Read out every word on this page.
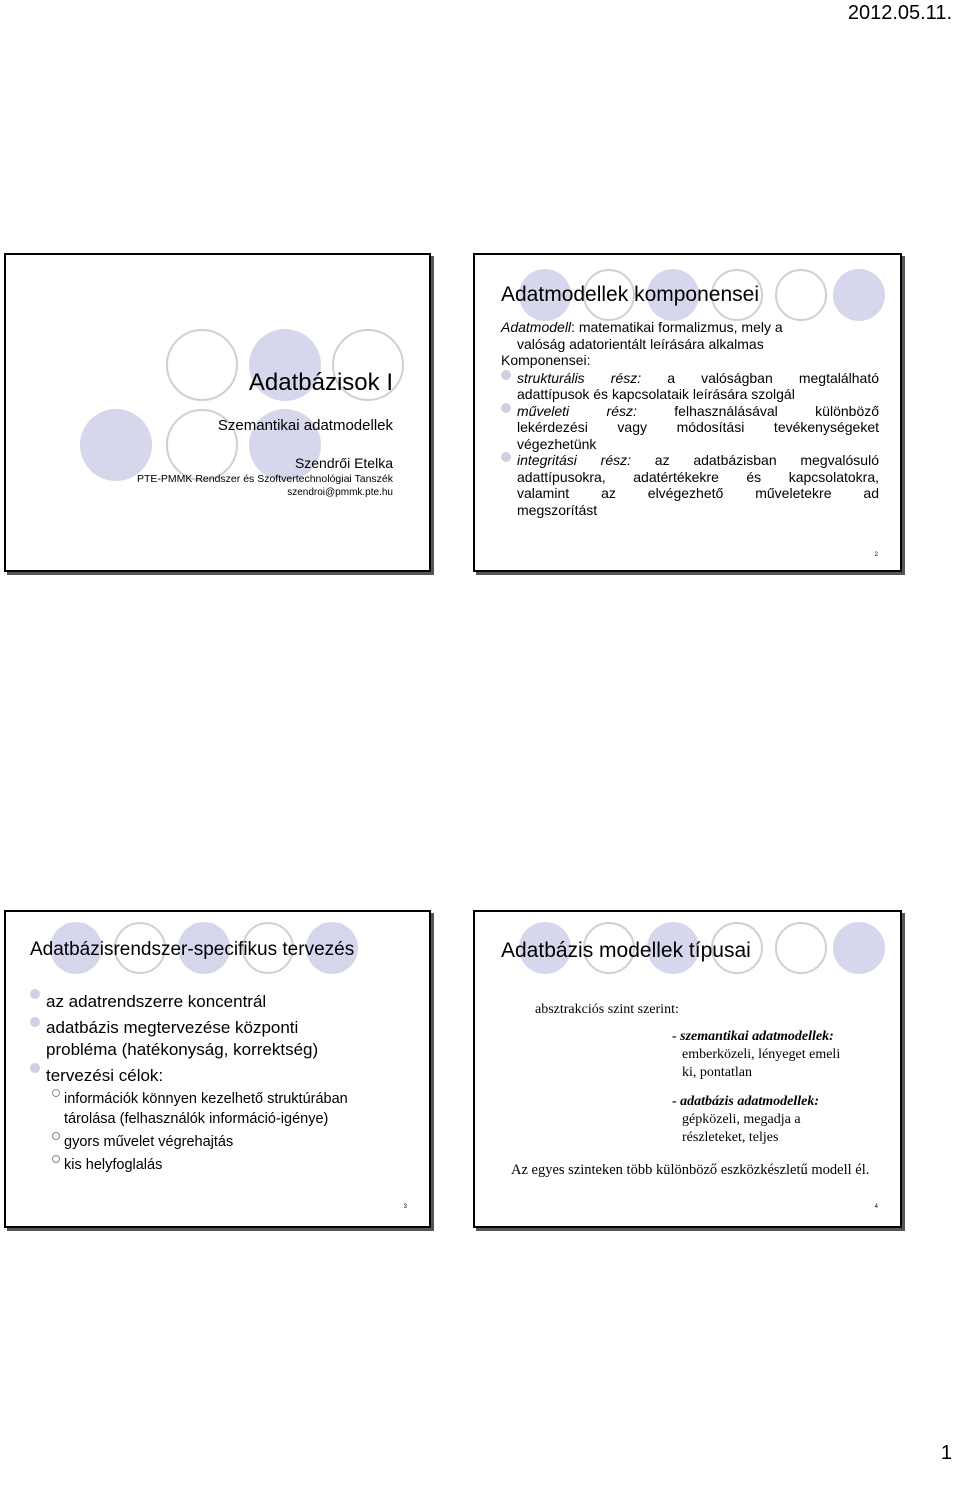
2012.05.11.
Adatbázisok I
Szemantikai adatmodellek
Szendrői Etelka
PTE-PMMK Rendszer és Szoftvertechnológiai Tanszék
szendroi@pmmk.pte.hu
Adatmodellek komponensei
Adatmodell: matematikai formalizmus, mely a
valóság adatorientált leírására alkalmas
Komponensei:
strukturális rész: a valóságban megtalálható
adattípusok és kapcsolataik leírására szolgál
műveleti rész:	felhasználásával különböző
lekérdezési vagy módosítási tevékenységeket
végezhetünk
integritási rész: az adatbázisban megvalósuló
adattípusokra, adatértékekre és kapcsolatokra,
valamint az elvégezhető műveletekre ad
megszorítást
2
Adatbázisrendszer-specifikus tervezés
az adatrendszerre koncentrál
adatbázis megtervezése központi
probléma (hatékonyság, korrektség)
tervezési célok:
információk könnyen kezelhető struktúrában
tárolása (felhasználók információ-igénye)
gyors művelet végrehajtás
kis helyfoglalás
3
Adatbázis modellek típusai
absztrakciós szint szerint:
- szemantikai adatmodellek:
emberközeli, lényeget emeli
ki, pontatlan
- adatbázis adatmodellek:
gépközeli, megadja a
részleteket, teljes
Az egyes szinteken több különböző eszközkészletű modell él.
4
1
